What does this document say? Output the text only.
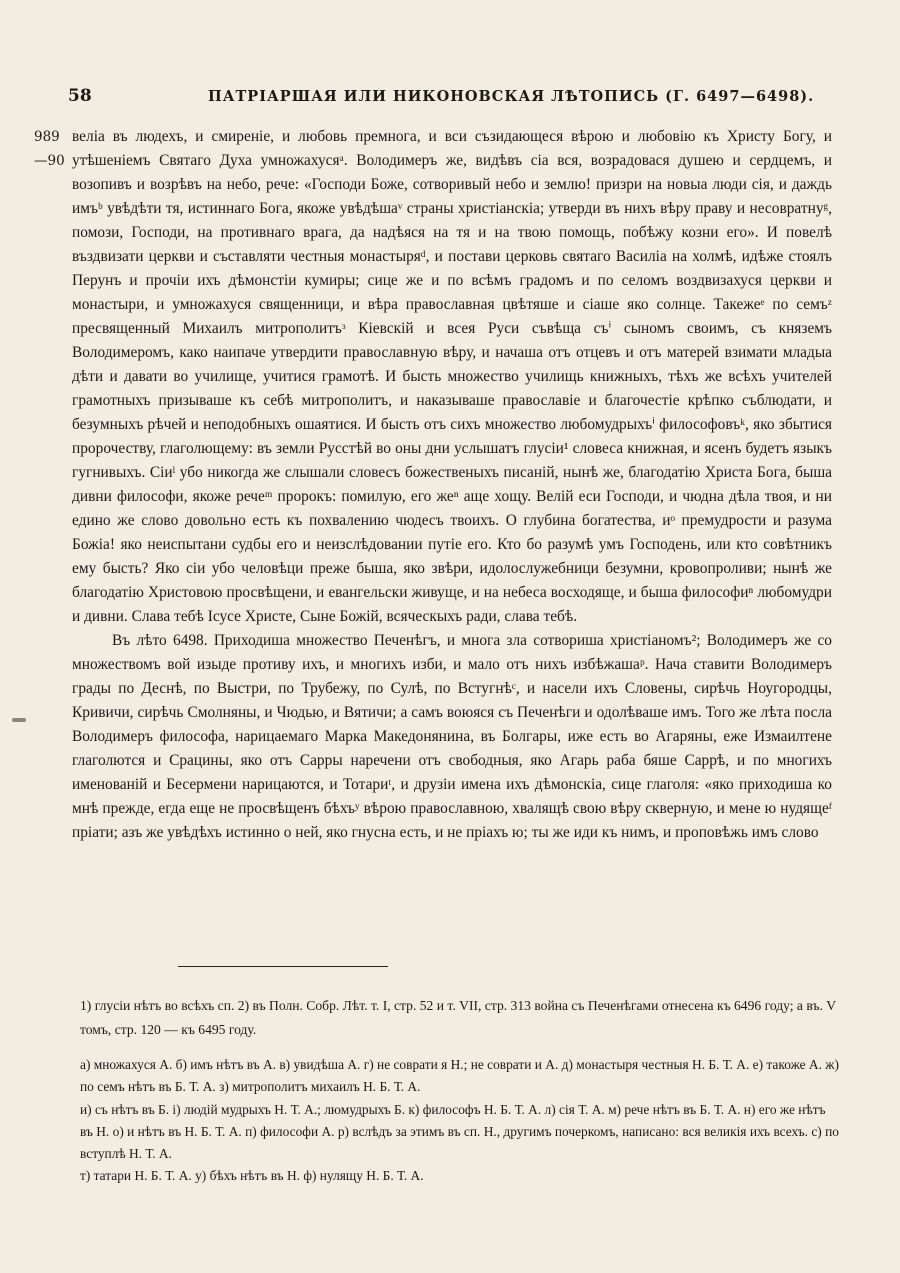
58	ПАТРІАРШАЯ ИЛИ НИКОНОВСКАЯ ЛѢТОПИСЬ (Г. 6497—6498).
989
—90

велiа въ людехъ, и смиренiе, и любовь премнога, и вси съзидающеся вѣрою и любовiю къ Христу Богу, и утѣшенiемъ Святаго Духа умножахусяᵃ. Володимеръ же, видѣвъ сiа вся, возрадовася душею и сердцемъ, и возопивъ и возрѣвъ на небо, рече: «Господи Боже, сотворивый небо и землю! призри на новыа люди сiя, и даждь имъᵇ увѣдѣти тя, истиннаго Бога, якоже увѣдѣшаᵛ страны христiанскiа; утверди въ нихъ вѣру праву и несовратнуᵍ, помози, Господи, на противнаго врага, да надѣяся на тя и на твою помощь, побѣжу козни его». И повелѣ въздвизати церкви и съставляти честныя монастыряᵈ, и постави церковь святаго Василiа на холмѣ, идѣже стоялъ Перунъ и прочiи ихъ дѣмонстiи кумиры; сице же и по всѣмъ градомъ и по селомъ воздвизахуся церкви и монастыри, и умножахуся священници, и вѣра православная цвѣтяше и сiаше яко солнце. Такежеᵉ по семъᶻ пресвященный Михаилъ митрополитъᶟ Кiевскiй и всея Руси съвѣща съⁱ сыномъ своимъ, съ княземъ Володимеромъ, како наипаче утвердити православную вѣру, и начаша отъ отцевъ и отъ матерей взимати младыа дѣти и давати во училище, учитися грамотѣ. И бысть множество училищь книжныхъ, тѣхъ же всѣхъ учителей грамотныхъ призываше къ себѣ митрополитъ, и наказываше православiе и благочестiе крѣпко съблюдати, и безумныхъ рѣчей и неподобныхъ ошаятися. И бысть отъ сихъ множество любомудрыхъⁱ философовъᵏ, яко збытися пророчеству, глаголющему: въ земли Русстѣй во оны дни услышатъ глусiи¹ словеса книжная, и ясенъ будетъ языкъ гугнивыхъ. Сiиˡ убо никогда же слышали словесъ божественыхъ писанiй, нынѣ же, благодатiю Христа Бога, быша дивни философи, якоже речеᵐ пророкъ: помилую, его жеⁿ аще хощу. Велiй еси Господи, и чюдна дѣла твоя, и ни едино же слово довольно есть къ похвалению чюдесъ твоихъ. О глубина богатества, иᵒ премудрости и разума Божiа! яко неиспытани судбы его и неизслѣдовании путiе его. Кто бо разумѣ умъ Господень, или кто совѣтникъ ему бысть? Яко сiи убо человѣци преже быша, яко звѣри, идолослужебници безумни, кровопроливи; нынѣ же благодатiю Христовою просвѣщени, и евангельски живуще, и на небеса восходяще, и быша философиⁿ любомудри и дивни. Слава тебѣ Iсусе Христе, Сыне Божiй, всяческыхъ ради, слава тебѣ.

Въ лѣто 6498. Приходиша множество Печенѣгъ, и многа зла сотвориша христiаномъ²; Володимеръ же со множествомъ вой изыде противу ихъ, и многихъ изби, и мало отъ нихъ избѣжашаᵖ. Нача ставити Володимеръ грады по Деснѣ, по Выстри, по Трубежу, по Сулѣ, по Встугнѣᶜ, и насели ихъ Словены, сирѣчь Ноугородцы, Кривичи, сирѣчь Смолняны, и Чюдью, и Вятичи; а самъ воюяся съ Печенѣги и одолѣваше имъ. Того же лѣта посла Володимеръ философа, нарицаемаго Марка Македонянина, въ Болгары, иже есть во Агаряны, еже Измаилтене глаголются и Срацины, яко отъ Сарры наречени отъ свободныя, яко Агарь раба бяше Саррѣ, и по многихъ именованiй и Бесермени нарицаются, и Тотариᵗ, и друзiи имена ихъ дѣмонскiа, сице глаголя: «яко приходиша ко мнѣ прежде, егда еще не просвѣщенъ бѣхъʸ вѣрою православною, хвалящѣ свою вѣру скверную, и мене ю нудящеᶠ прiати; азъ же увѣдѣхъ истинно о ней, яко гнусна есть, и не прiахъ ю; ты же иди къ нимъ, и проповѣжь имъ слово

1) глусiи нѣтъ во всѣхъ сп. 2) въ Полн. Собр. Лѣт. т. I, стр. 52 и т. VII, стр. 313 война съ Печенѣгами отнесена къ 6496 году; а въ. V томъ, стр. 120 — къ 6495 году.
а) множахуся А. б) имъ нѣтъ въ А. в) увидѣша А. г) не соврати я Н.; не соврати и А. д) монастыря честныя Н. Б. Т. А. е) такоже А. ж) по семъ нѣтъ въ Б. Т. А. з) митрополитъ михаилъ Н. Б. Т. А.
и) съ нѣтъ въ Б. i) людiй мудрыхъ Н. Т. А.; люмудрыхъ Б. к) философъ Н. Б. Т. А. л) сiя Т. А. м) рече нѣтъ въ Б. Т. А. н) его же нѣтъ въ Н. о) и нѣтъ въ Н. Б. Т. А. п) философи А. р) вслѣдъ за этимъ въ сп. Н., другимъ почеркомъ, написано: вся великiя ихъ всехъ. с) по вступлѣ Н. Т. А.
т) татари Н. Б. Т. А. у) бѣхъ нѣтъ въ Н. ф) нулящу Н. Б. Т. А.
